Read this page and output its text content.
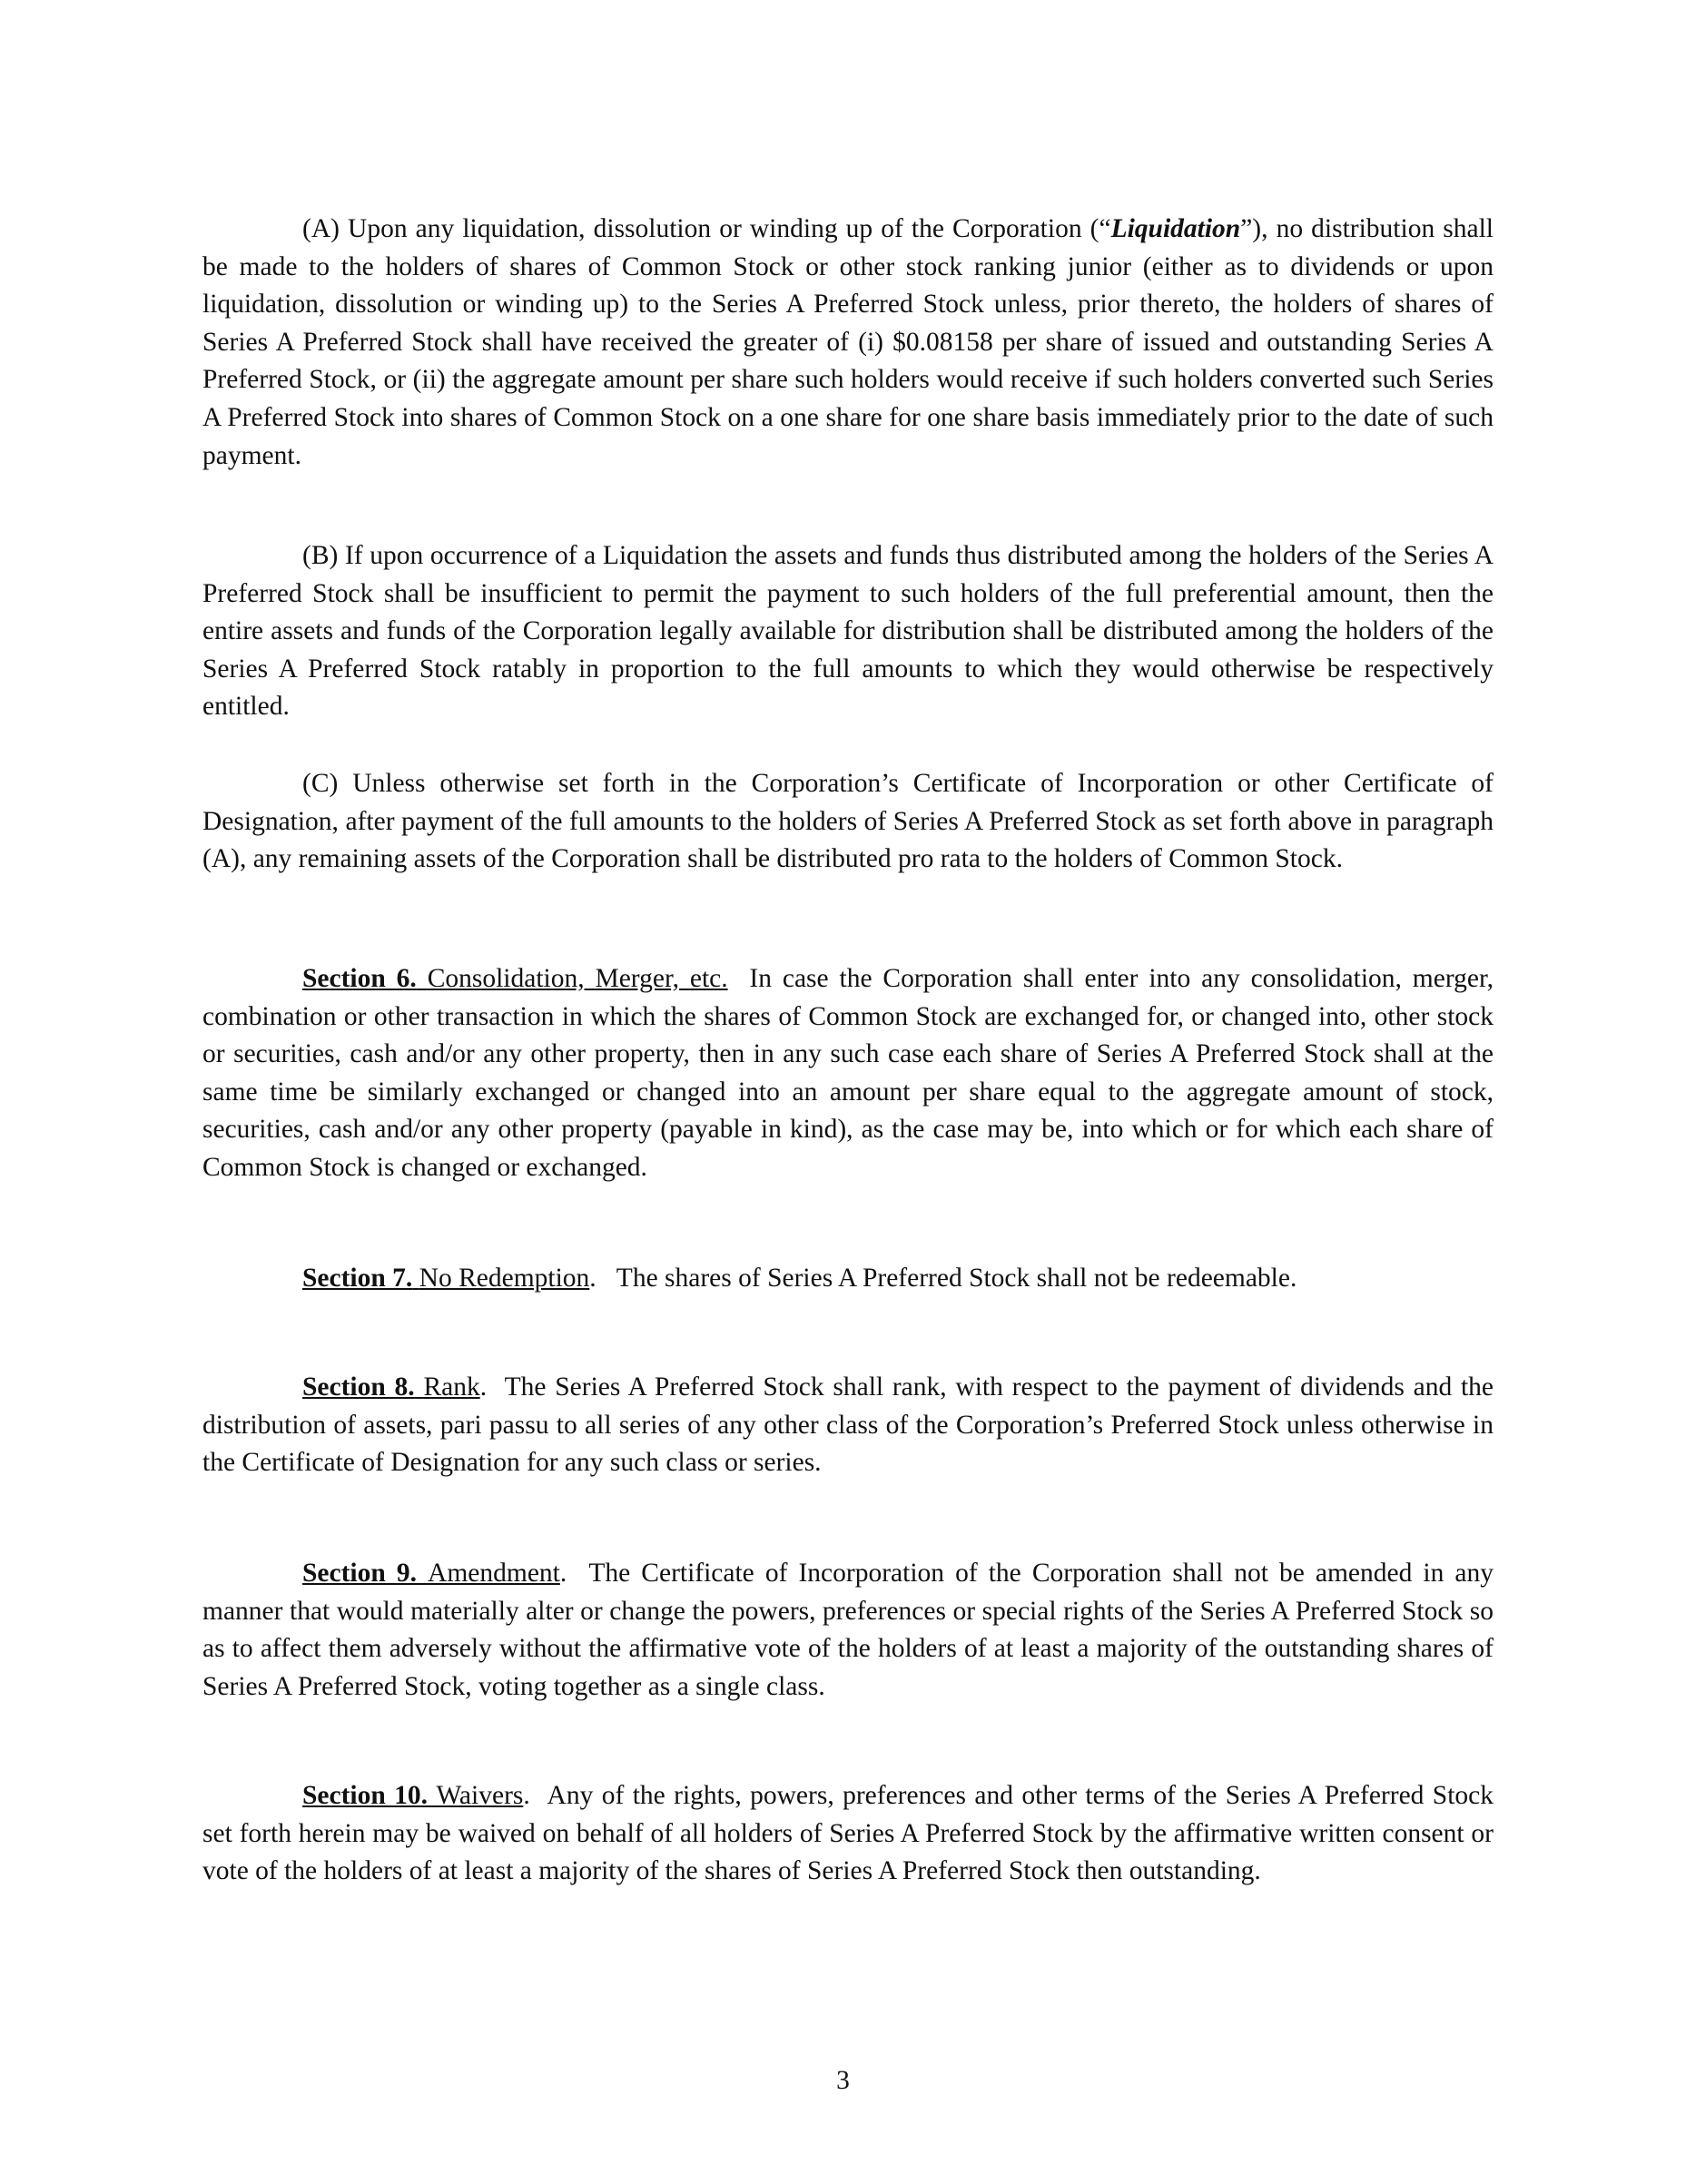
(A) Upon any liquidation, dissolution or winding up of the Corporation (“Liquidation”), no distribution shall be made to the holders of shares of Common Stock or other stock ranking junior (either as to dividends or upon liquidation, dissolution or winding up) to the Series A Preferred Stock unless, prior thereto, the holders of shares of Series A Preferred Stock shall have received the greater of (i) $0.08158 per share of issued and outstanding Series A Preferred Stock, or (ii) the aggregate amount per share such holders would receive if such holders converted such Series A Preferred Stock into shares of Common Stock on a one share for one share basis immediately prior to the date of such payment.

(B) If upon occurrence of a Liquidation the assets and funds thus distributed among the holders of the Series A Preferred Stock shall be insufficient to permit the payment to such holders of the full preferential amount, then the entire assets and funds of the Corporation legally available for distribution shall be distributed among the holders of the Series A Preferred Stock ratably in proportion to the full amounts to which they would otherwise be respectively entitled.

(C) Unless otherwise set forth in the Corporation’s Certificate of Incorporation or other Certificate of Designation, after payment of the full amounts to the holders of Series A Preferred Stock as set forth above in paragraph (A), any remaining assets of the Corporation shall be distributed pro rata to the holders of Common Stock.

Section 6. Consolidation, Merger, etc. In case the Corporation shall enter into any consolidation, merger, combination or other transaction in which the shares of Common Stock are exchanged for, or changed into, other stock or securities, cash and/or any other property, then in any such case each share of Series A Preferred Stock shall at the same time be similarly exchanged or changed into an amount per share equal to the aggregate amount of stock, securities, cash and/or any other property (payable in kind), as the case may be, into which or for which each share of Common Stock is changed or exchanged.

Section 7. No Redemption.   The shares of Series A Preferred Stock shall not be redeemable.

Section 8. Rank.  The Series A Preferred Stock shall rank, with respect to the payment of dividends and the distribution of assets, pari passu to all series of any other class of the Corporation’s Preferred Stock unless otherwise in the Certificate of Designation for any such class or series.

Section 9. Amendment.  The Certificate of Incorporation of the Corporation shall not be amended in any manner that would materially alter or change the powers, preferences or special rights of the Series A Preferred Stock so as to affect them adversely without the affirmative vote of the holders of at least a majority of the outstanding shares of Series A Preferred Stock, voting together as a single class.

Section 10. Waivers.  Any of the rights, powers, preferences and other terms of the Series A Preferred Stock set forth herein may be waived on behalf of all holders of Series A Preferred Stock by the affirmative written consent or vote of the holders of at least a majority of the shares of Series A Preferred Stock then outstanding.

3
